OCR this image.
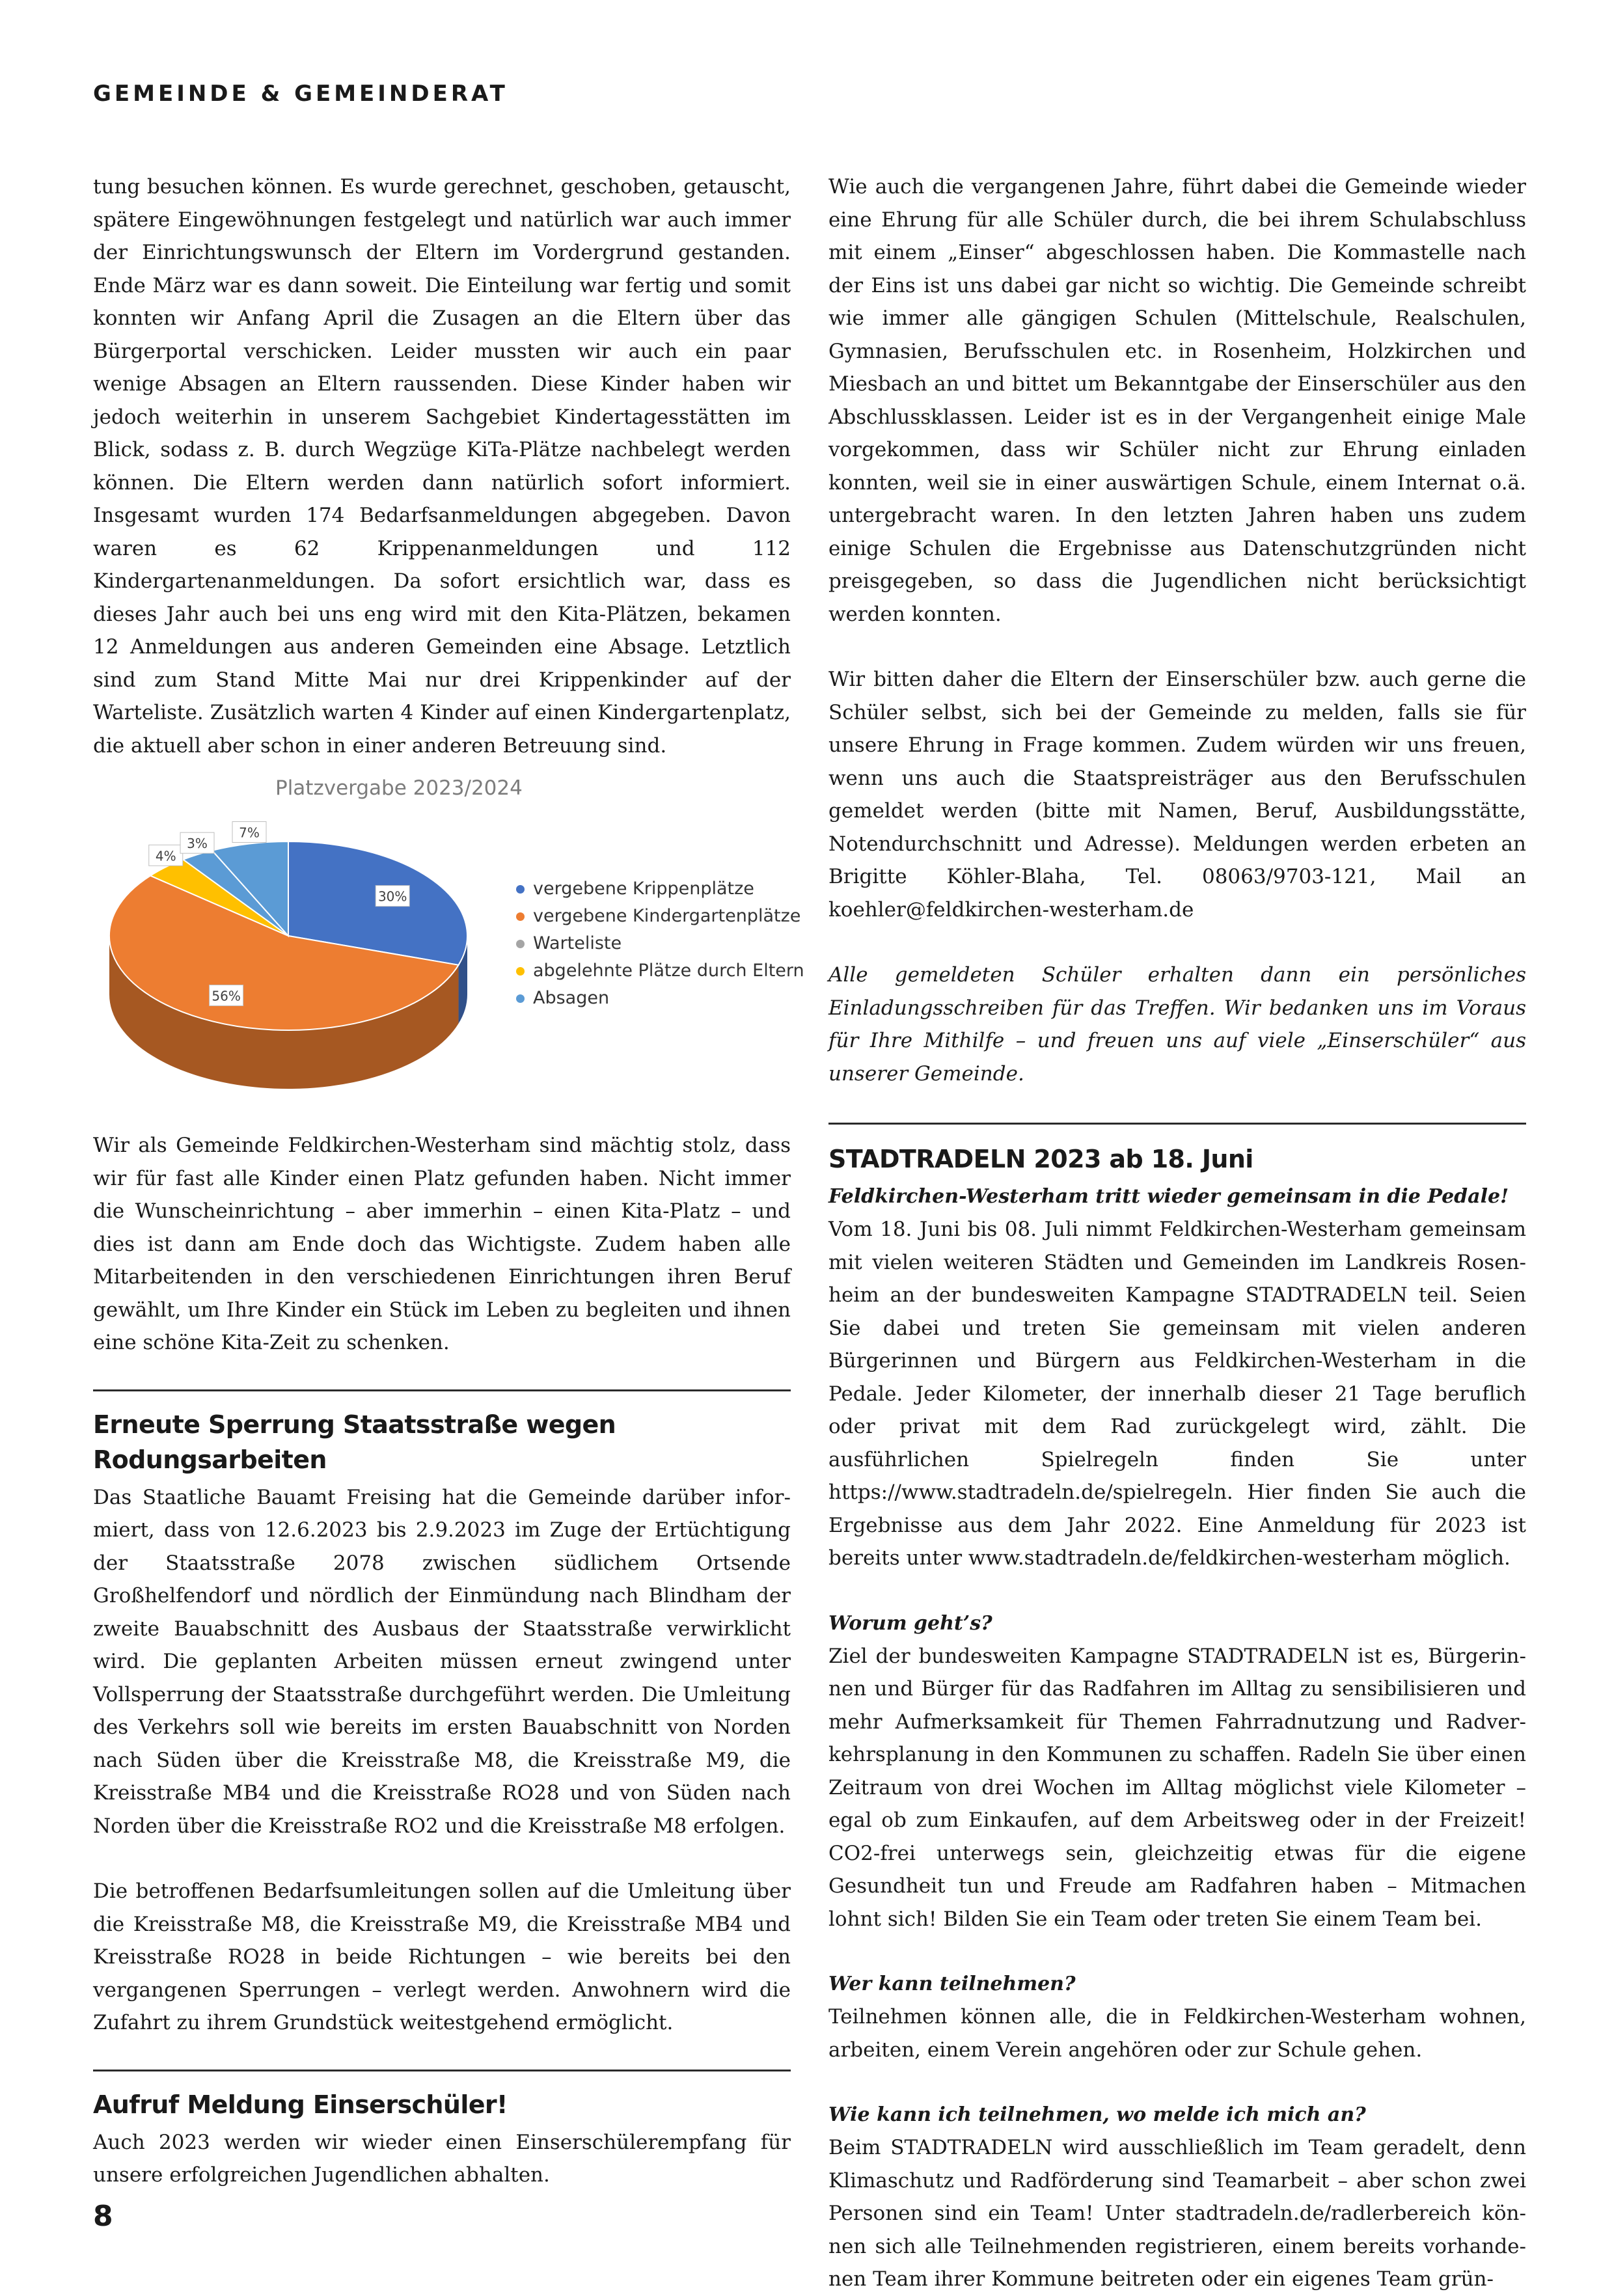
GEMEINDE & GEMEINDERAT

tung besuchen können. Es wurde gerechnet, geschoben, getauscht, spätere Eingewöhnungen festgelegt und natürlich war auch immer der Einrichtungswunsch der Eltern im Vordergrund gestanden. Ende März war es dann soweit. Die Einteilung war fertig und somit konnten wir Anfang April die Zusagen an die Eltern über das Bürgerportal verschicken. Leider mussten wir auch ein paar wenige Absagen an Eltern raussenden. Diese Kinder haben wir jedoch weiterhin in unserem Sachgebiet Kindertagesstätten im Blick, sodass z. B. durch Wegzüge KiTa-Plätze nachbelegt werden können. Die Eltern werden dann natürlich sofort informiert. Insgesamt wurden 174 Bedarfsanmeldungen abgegeben. Davon waren es 62 Krippenanmeldungen und 112 Kindergartenanmeldungen. Da sofort ersichtlich war, dass es dieses Jahr auch bei uns eng wird mit den Kita-Plätzen, bekamen 12 Anmeldungen aus anderen Gemeinden eine Absage. Letztlich sind zum Stand Mitte Mai nur drei Krippenkinder auf der Warteliste. Zusätzlich warten 4 Kinder auf einen Kindergartenplatz, die aktuell aber schon in einer anderen Betreuung sind.

Platzvergabe 2023/2024
30%
56%
4%
3%
7%
vergebene Krippenplätze
vergebene Kindergartenplätze
Warteliste
abgelehnte Plätze durch Eltern
Absagen

Wir als Gemeinde Feldkirchen-Westerham sind mächtig stolz, dass wir für fast alle Kinder einen Platz gefunden haben. Nicht immer die Wunscheinrichtung – aber immerhin – einen Kita-Platz – und dies ist dann am Ende doch das Wichtigste. Zudem haben alle Mitarbeitenden in den verschiedenen Einrichtungen ihren Beruf gewählt, um Ihre Kinder ein Stück im Leben zu begleiten und ihnen eine schöne Kita-Zeit zu schenken.

Erneute Sperrung Staatsstraße wegen Rodungsarbeiten

Das Staatliche Bauamt Freising hat die Gemeinde darüber informiert, dass von 12.6.2023 bis 2.9.2023 im Zuge der Ertüchtigung der Staatsstraße 2078 zwischen südlichem Ortsende Großhelfendorf und nördlich der Einmündung nach Blindham der zweite Bauabschnitt des Ausbaus der Staatsstraße verwirklicht wird. Die geplanten Arbeiten müssen erneut zwingend unter Vollsperrung der Staatsstraße durchgeführt werden. Die Umleitung des Verkehrs soll wie bereits im ersten Bauabschnitt von Norden nach Süden über die Kreisstraße M8, die Kreisstraße M9, die Kreisstraße MB4 und die Kreisstraße RO28 und von Süden nach Norden über die Kreisstraße RO2 und die Kreisstraße M8 erfolgen.

Die betroffenen Bedarfsumleitungen sollen auf die Umleitung über die Kreisstraße M8, die Kreisstraße M9, die Kreisstraße MB4 und Kreisstraße RO28 in beide Richtungen – wie bereits bei den vergangenen Sperrungen – verlegt werden. Anwohnern wird die Zufahrt zu ihrem Grundstück weitestgehend ermöglicht.

Aufruf Meldung Einserschüler!

Auch 2023 werden wir wieder einen Einserschülerempfang für unsere erfolgreichen Jugendlichen abhalten.

Wie auch die vergangenen Jahre, führt dabei die Gemeinde wieder eine Ehrung für alle Schüler durch, die bei ihrem Schulabschluss mit einem „Einser“ abgeschlossen haben. Die Kommastelle nach der Eins ist uns dabei gar nicht so wichtig. Die Gemeinde schreibt wie immer alle gängigen Schulen (Mittelschule, Realschulen, Gymnasien, Berufsschulen etc. in Rosenheim, Holzkirchen und Miesbach an und bittet um Bekanntgabe der Einserschüler aus den Abschlussklassen. Leider ist es in der Vergangenheit einige Male vorgekommen, dass wir Schüler nicht zur Ehrung einladen konnten, weil sie in einer auswärtigen Schule, einem Internat o.ä. untergebracht waren. In den letzten Jahren haben uns zudem einige Schulen die Ergebnisse aus Datenschutzgründen nicht preisgegeben, so dass die Jugendlichen nicht berücksichtigt werden konnten.

Wir bitten daher die Eltern der Einserschüler bzw. auch gerne die Schüler selbst, sich bei der Gemeinde zu melden, falls sie für unsere Ehrung in Frage kommen. Zudem würden wir uns freuen, wenn uns auch die Staatspreisträger aus den Berufsschulen gemeldet werden (bitte mit Namen, Beruf, Ausbildungsstätte, Notendurchschnitt und Adresse). Meldungen werden erbeten an Brigitte Köhler-Blaha, Tel. 08063/9703-121, Mail an koehler@feldkirchen-westerham.de

Alle gemeldeten Schüler erhalten dann ein persönliches Einladungsschreiben für das Treffen. Wir bedanken uns im Voraus für Ihre Mithilfe – und freuen uns auf viele „Einserschüler“ aus unserer Gemeinde.

STADTRADELN 2023 ab 18. Juni

Feldkirchen-Westerham tritt wieder gemeinsam in die Pedale!

Vom 18. Juni bis 08. Juli nimmt Feldkirchen-Westerham gemeinsam mit vielen weiteren Städten und Gemeinden im Landkreis Rosenheim an der bundesweiten Kampagne STADTRADELN teil. Seien Sie dabei und treten Sie gemeinsam mit vielen anderen Bürgerinnen und Bürgern aus Feldkirchen-Westerham in die Pedale. Jeder Kilometer, der innerhalb dieser 21 Tage beruflich oder privat mit dem Rad zurückgelegt wird, zählt. Die ausführlichen Spielregeln finden Sie unter https://www.stadtradeln.de/spielregeln. Hier finden Sie auch die Ergebnisse aus dem Jahr 2022. Eine Anmeldung für 2023 ist bereits unter www.stadtradeln.de/feldkirchen-westerham möglich.

Worum geht’s?

Ziel der bundesweiten Kampagne STADTRADELN ist es, Bürgerinnen und Bürger für das Radfahren im Alltag zu sensibilisieren und mehr Aufmerksamkeit für Themen Fahrradnutzung und Radverkehrsplanung in den Kommunen zu schaffen. Radeln Sie über einen Zeitraum von drei Wochen im Alltag möglichst viele Kilometer – egal ob zum Einkaufen, auf dem Arbeitsweg oder in der Freizeit! CO2-frei unterwegs sein, gleichzeitig etwas für die eigene Gesundheit tun und Freude am Radfahren haben – Mitmachen lohnt sich! Bilden Sie ein Team oder treten Sie einem Team bei.

Wer kann teilnehmen?

Teilnehmen können alle, die in Feldkirchen-Westerham wohnen, arbeiten, einem Verein angehören oder zur Schule gehen.

Wie kann ich teilnehmen, wo melde ich mich an?

Beim STADTRADELN wird ausschließlich im Team geradelt, denn Klimaschutz und Radförderung sind Teamarbeit – aber schon zwei Personen sind ein Team! Unter stadtradeln.de/radlerbereich können sich alle Teilnehmenden registrieren, einem bereits vorhandenen Team ihrer Kommune beitreten oder ein eigenes Team grün-

8
